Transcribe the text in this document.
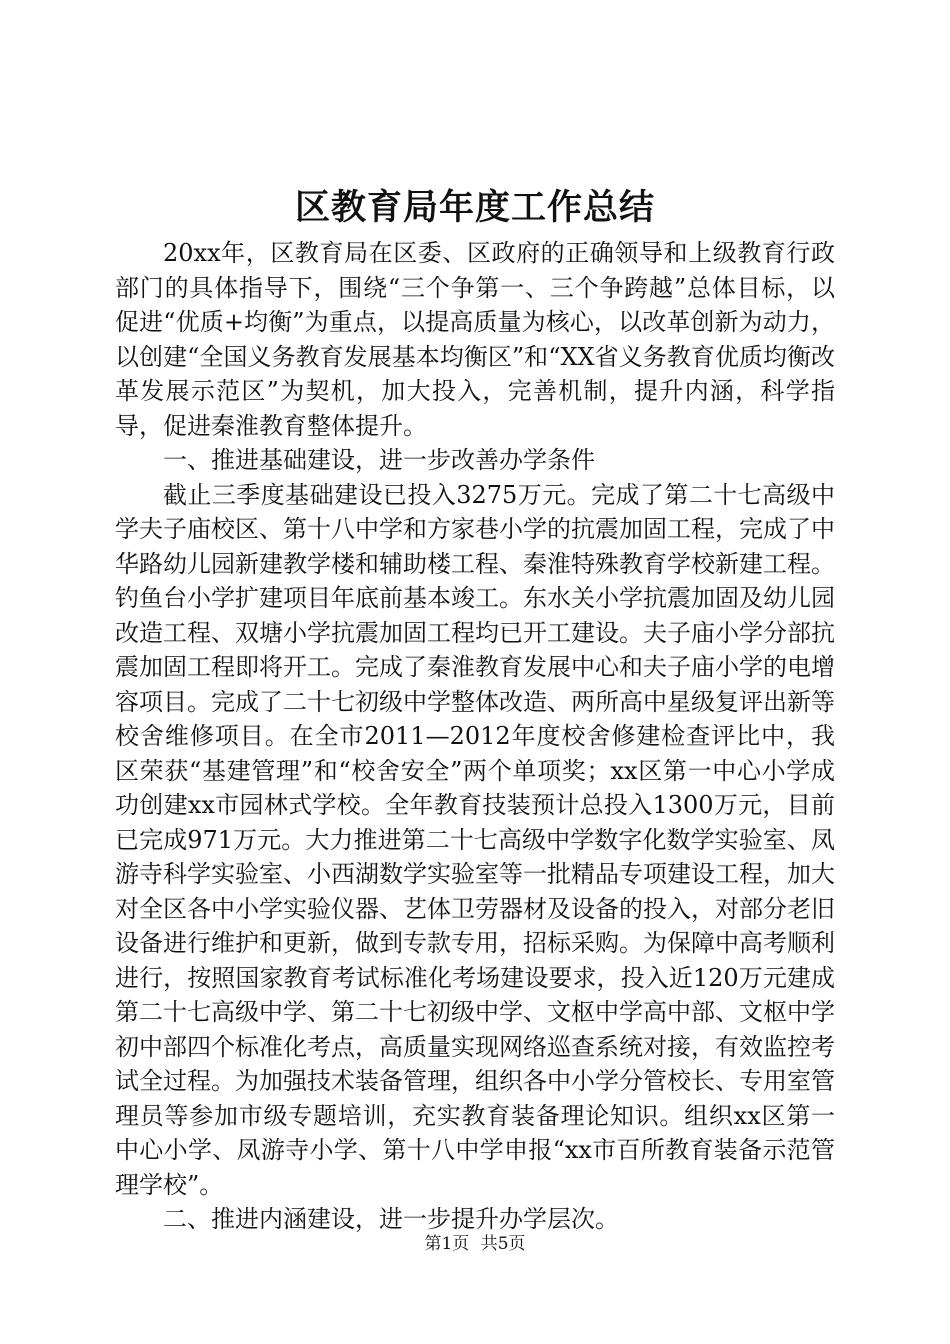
区教育局年度工作总结

20xx年，区教育局在区委、区政府的正确领导和上级教育行政部门的具体指导下，围绕“三个争第一、三个争跨越”总体目标，以促进“优质+均衡”为重点，以提高质量为核心，以改革创新为动力，以创建“全国义务教育发展基本均衡区”和“XX省义务教育优质均衡改革发展示范区”为契机，加大投入，完善机制，提升内涵，科学指导，促进秦淮教育整体提升。

一、推进基础建设，进一步改善办学条件

截止三季度基础建设已投入3275万元。完成了第二十七高级中学夫子庙校区、第十八中学和方家巷小学的抗震加固工程，完成了中华路幼儿园新建教学楼和辅助楼工程、秦淮特殊教育学校新建工程。钓鱼台小学扩建项目年底前基本竣工。东水关小学抗震加固及幼儿园改造工程、双塘小学抗震加固工程均已开工建设。夫子庙小学分部抗震加固工程即将开工。完成了秦淮教育发展中心和夫子庙小学的电增容项目。完成了二十七初级中学整体改造、两所高中星级复评出新等校舍维修项目。在全市2011—2012年度校舍修建检查评比中，我区荣获“基建管理”和“校舍安全”两个单项奖；xx区第一中心小学成功创建xx市园林式学校。全年教育技装预计总投入1300万元，目前已完成971万元。大力推进第二十七高级中学数字化数学实验室、凤游寺科学实验室、小西湖数学实验室等一批精品专项建设工程，加大对全区各中小学实验仪器、艺体卫劳器材及设备的投入，对部分老旧设备进行维护和更新，做到专款专用，招标采购。为保障中高考顺利进行，按照国家教育考试标准化考场建设要求，投入近120万元建成第二十七高级中学、第二十七初级中学、文枢中学高中部、文枢中学初中部四个标准化考点，高质量实现网络巡查系统对接，有效监控考试全过程。为加强技术装备管理，组织各中小学分管校长、专用室管理员等参加市级专题培训，充实教育装备理论知识。组织xx区第一中心小学、凤游寺小学、第十八中学申报“xx市百所教育装备示范管理学校”。

二、推进内涵建设，进一步提升办学层次。

第1页 共5页
